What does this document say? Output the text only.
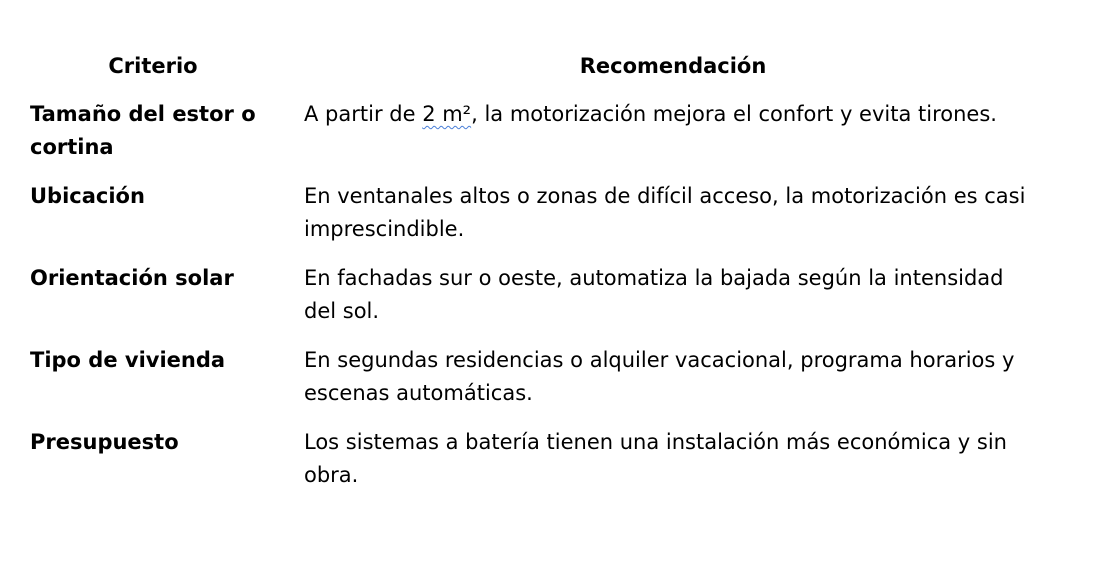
Criterio	Recomendación
Tamaño del estor o cortina	A partir de 2 m², la motorización mejora el confort y evita tirones.
Ubicación	En ventanales altos o zonas de difícil acceso, la motorización es casi imprescindible.
Orientación solar	En fachadas sur o oeste, automatiza la bajada según la intensidad del sol.
Tipo de vivienda	En segundas residencias o alquiler vacacional, programa horarios y escenas automáticas.
Presupuesto	Los sistemas a batería tienen una instalación más económica y sin obra.
